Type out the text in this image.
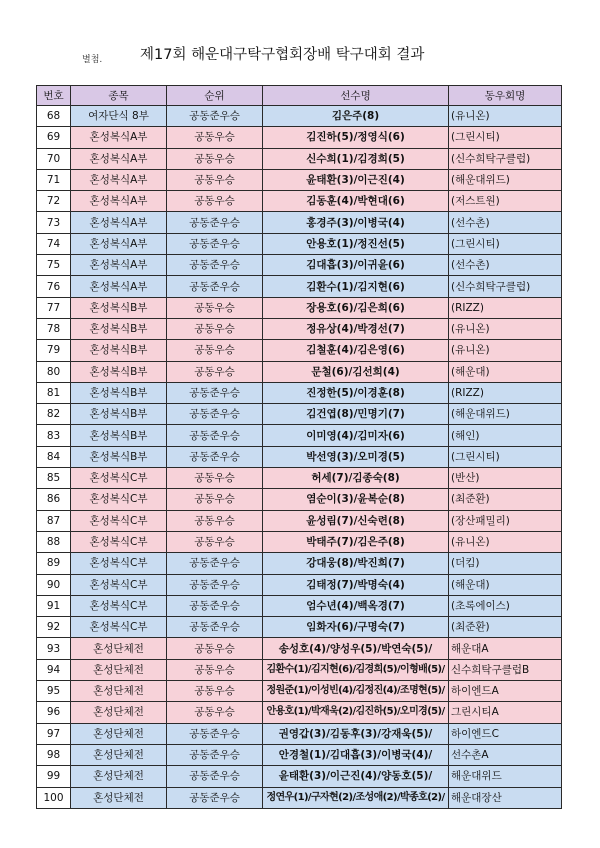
별첨.	제17회 해운대구탁구협회장배 탁구대회 결과
번호	종목	순위	선수명	동우회명
68	여자단식 8부	공동준우승	김은주(8)	(유니온)
69	혼성복식A부	공동우승	김진하(5)/정영식(6)	(그린시티)
70	혼성복식A부	공동우승	신수희(1)/김경희(5)	(신수희탁구클럽)
71	혼성복식A부	공동우승	윤태환(3)/이근진(4)	(해운대위드)
72	혼성복식A부	공동우승	김동훈(4)/박현대(6)	(저스트원)
73	혼성복식A부	공동준우승	홍경주(3)/이병국(4)	(선수촌)
74	혼성복식A부	공동준우승	안용호(1)/정진선(5)	(그린시티)
75	혼성복식A부	공동준우승	김대흡(3)/이귀윤(6)	(선수촌)
76	혼성복식A부	공동준우승	김환수(1)/김지현(6)	(신수희탁구클럽)
77	혼성복식B부	공동우승	장용호(6)/김은희(6)	(RIZZ)
78	혼성복식B부	공동우승	정유상(4)/박경선(7)	(유니온)
79	혼성복식B부	공동우승	김철훈(4)/김은영(6)	(유니온)
80	혼성복식B부	공동우승	문철(6)/김선희(4)	(해운대)
81	혼성복식B부	공동준우승	진정한(5)/이경훈(8)	(RIZZ)
82	혼성복식B부	공동준우승	김건엽(8)/민명기(7)	(해운대위드)
83	혼성복식B부	공동준우승	이미영(4)/김미자(6)	(해인)
84	혼성복식B부	공동준우승	박선영(3)/오미경(5)	(그린시티)
85	혼성복식C부	공동우승	허세(7)/김종숙(8)	(반산)
86	혼성복식C부	공동우승	염순이(3)/윤복순(8)	(최준환)
87	혼성복식C부	공동우승	윤성림(7)/신숙련(8)	(장산패밀리)
88	혼성복식C부	공동우승	박태주(7)/김은주(8)	(유니온)
89	혼성복식C부	공동준우승	강대웅(8)/박진희(7)	(더킴)
90	혼성복식C부	공동준우승	김태정(7)/박명숙(4)	(해운대)
91	혼성복식C부	공동준우승	엄수년(4)/백옥경(7)	(초록에이스)
92	혼성복식C부	공동준우승	임화자(6)/구명숙(7)	(최준환)
93	혼성단체전	공동우승	송성호(4)/양성우(5)/박연숙(5)/	해운대A
94	혼성단체전	공동우승	김환수(1)/김지현(6)/김경희(5)/이형배(5)/	신수희탁구클럽B
95	혼성단체전	공동우승	정원준(1)/이성빈(4)/김정진(4)/조명현(5)/	하이엔드A
96	혼성단체전	공동우승	안용호(1)/박재욱(2)/김진하(5)/오미경(5)/	그린시티A
97	혼성단체전	공동준우승	권영갑(3)/김동후(3)/강재욱(5)/	하이엔드C
98	혼성단체전	공동준우승	안경철(1)/김대흡(3)/이병국(4)/	선수촌A
99	혼성단체전	공동준우승	윤태환(3)/이근진(4)/양동호(5)/	해운대위드
100	혼성단체전	공동준우승	정연우(1)/구자현(2)/조성애(2)/박종호(2)/	해운대장산
